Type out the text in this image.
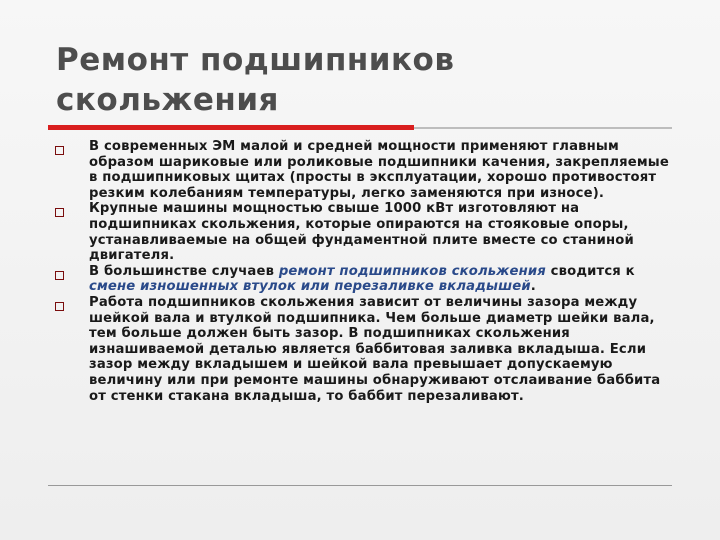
Ремонт подшипников скольжения
В современных ЭМ малой и средней мощности применяют главным образом шариковые или роликовые подшипники качения, закрепляемые в подшипниковых щитах (просты в эксплуатации, хорошо противостоят резким колебаниям температуры, легко заменяются при износе).
Крупные машины мощностью свыше 1000 кВт изготовляют на подшипниках скольжения, которые опираются на стояковые опоры, устанавливаемые на общей фундаментной плите вместе со станиной двигателя.
В большинстве случаев ремонт подшипников скольжения сводится к смене изношенных втулок или перезаливке вкладышей.
Работа подшипников скольжения зависит от величины зазора между шейкой вала и втулкой подшипника. Чем больше диаметр шейки вала, тем больше должен быть зазор. В подшипниках скольжения изнашиваемой деталью является баббитовая заливка вкладыша. Если зазор между вкладышем и шейкой вала превышает допускаемую величину или при ремонте машины обнаруживают отслаивание баббита от стенки стакана вкладыша, то баббит перезаливают.
